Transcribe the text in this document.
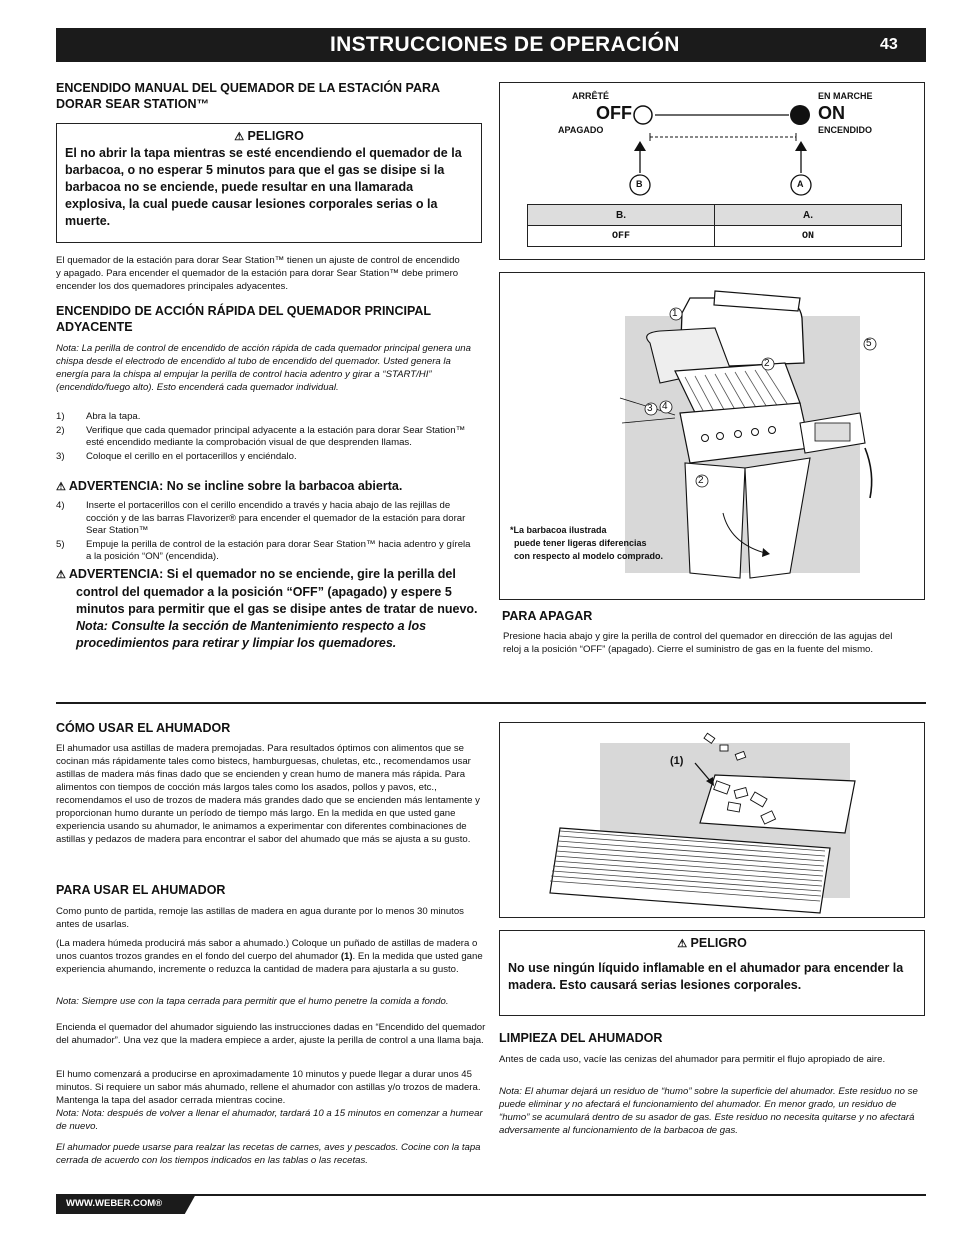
INSTRUCCIONES DE OPERACIÓN	43
ENCENDIDO MANUAL DEL QUEMADOR DE LA ESTACIÓN PARA DORAR SEAR STATION™
⚠ PELIGRO
El no abrir la tapa mientras se esté encendiendo el quemador de la barbacoa, o no esperar 5 minutos para que el gas se disipe si la barbacoa no se enciende, puede resultar en una llamarada explosiva, la cual puede causar lesiones corporales serias o la muerte.

El quemador de la estación para dorar Sear Station™ tienen un ajuste de control de encendido y apagado. Para encender el quemador de la estación para dorar Sear Station™ debe primero encender los dos quemadores principales adyacentes.

ENCENDIDO DE ACCIÓN RÁPIDA DEL QUEMADOR PRINCIPAL ADYACENTE

Nota: La perilla de control de encendido de acción rápida de cada quemador principal genera una chispa desde el electrodo de encendido al tubo de encendido del quemador. Usted genera la energía para la chispa al empujar la perilla de control hacia adentro y girar a “START/HI” (encendido/fuego alto). Esto encenderá cada quemador individual.

1) Abra la tapa.
2) Verifique que cada quemador principal adyacente a la estación para dorar Sear Station™ esté encendido mediante la comprobación visual de que desprenden llamas.
3) Coloque el cerillo en el portacerillos y enciéndalo.
⚠ ADVERTENCIA: No se incline sobre la barbacoa abierta.
4) Inserte el portacerillos con el cerillo encendido a través y hacia abajo de las rejillas de cocción y de las barras Flavorizer® para encender el quemador de la estación para dorar Sear Station™
5) Empuje la perilla de control de la estación para dorar Sear Station™ hacia adentro y gírela a la posición “ON” (encendida).
⚠ ADVERTENCIA: Si el quemador no se enciende, gire la perilla del control del quemador a la posición “OFF” (apagado) y espere 5 minutos para permitir que el gas se disipe antes de tratar de nuevo.
Nota: Consulte la sección de Mantenimiento respecto a los procedimientos para retirar y limpiar los quemadores.
ARRÊTÉ
OFF
APAGADO
EN MARCHE
ON
ENCENDIDO
B	A
B.	A.
OFF	ON
1
2
3 4
5
2
*La barbacoa ilustrada
puede tener ligeras diferencias
con respecto al modelo comprado.
PARA APAGAR

Presione hacia abajo y gire la perilla de control del quemador en dirección de las agujas del reloj a la posición “OFF” (apagado). Cierre el suministro de gas en la fuente del mismo.

CÓMO USAR EL AHUMADOR

El ahumador usa astillas de madera premojadas. Para resultados óptimos con alimentos que se cocinan más rápidamente tales como bistecs, hamburguesas, chuletas, etc., recomendamos usar astillas de madera más finas dado que se encienden y crean humo de manera más rápida. Para alimentos con tiempos de cocción más largos tales como los asados, pollos y pavos, etc., recomendamos el uso de trozos de madera más grandes dado que se encienden más lentamente y proporcionan humo durante un período de tiempo más largo. En la medida en que usted gane experiencia usando su ahumador, le animamos a experimentar con diferentes combinaciones de astillas y pedazos de madera para encontrar el sabor del ahumado que más se ajusta a su gusto.

PARA USAR EL AHUMADOR

Como punto de partida, remoje las astillas de madera en agua durante por lo menos 30 minutos antes de usarlas.

(La madera húmeda producirá más sabor a ahumado.) Coloque un puñado de astillas de madera o unos cuantos trozos grandes en el fondo del cuerpo del ahumador (1). En la medida que usted gane experiencia ahumando, incremente o reduzca la cantidad de madera para ajustarla a su gusto.

Nota: Siempre use con la tapa cerrada para permitir que el humo penetre la comida a fondo.

Encienda el quemador del ahumador siguiendo las instrucciones dadas en “Encendido del quemador del ahumador”. Una vez que la madera empiece a arder, ajuste la perilla de control a una llama baja.

El humo comenzará a producirse en aproximadamente 10 minutos y puede llegar a durar unos 45 minutos. Si requiere un sabor más ahumado, rellene el ahumador con astillas y/o trozos de madera. Mantenga la tapa del asador cerrada mientras cocine.

Nota: Nota: después de volver a llenar el ahumador, tardará 10 a 15 minutos en comenzar a humear de nuevo.

El ahumador puede usarse para realzar las recetas de carnes, aves y pescados. Cocine con la tapa cerrada de acuerdo con los tiempos indicados en las tablas o las recetas.

(1)
⚠ PELIGRO
No use ningún líquido inflamable en el ahumador para encender la madera. Esto causará serias lesiones corporales.
LIMPIEZA DEL AHUMADOR

Antes de cada uso, vacíe las cenizas del ahumador para permitir el flujo apropiado de aire.

Nota: El ahumar dejará un residuo de “humo” sobre la superficie del ahumador. Este residuo no se puede eliminar y no afectará el funcionamiento del ahumador. En menor grado, un residuo de “humo” se acumulará dentro de su asador de gas. Este residuo no necesita quitarse y no afectará adversamente al funcionamiento de la barbacoa de gas.

WWW.WEBER.COM®
